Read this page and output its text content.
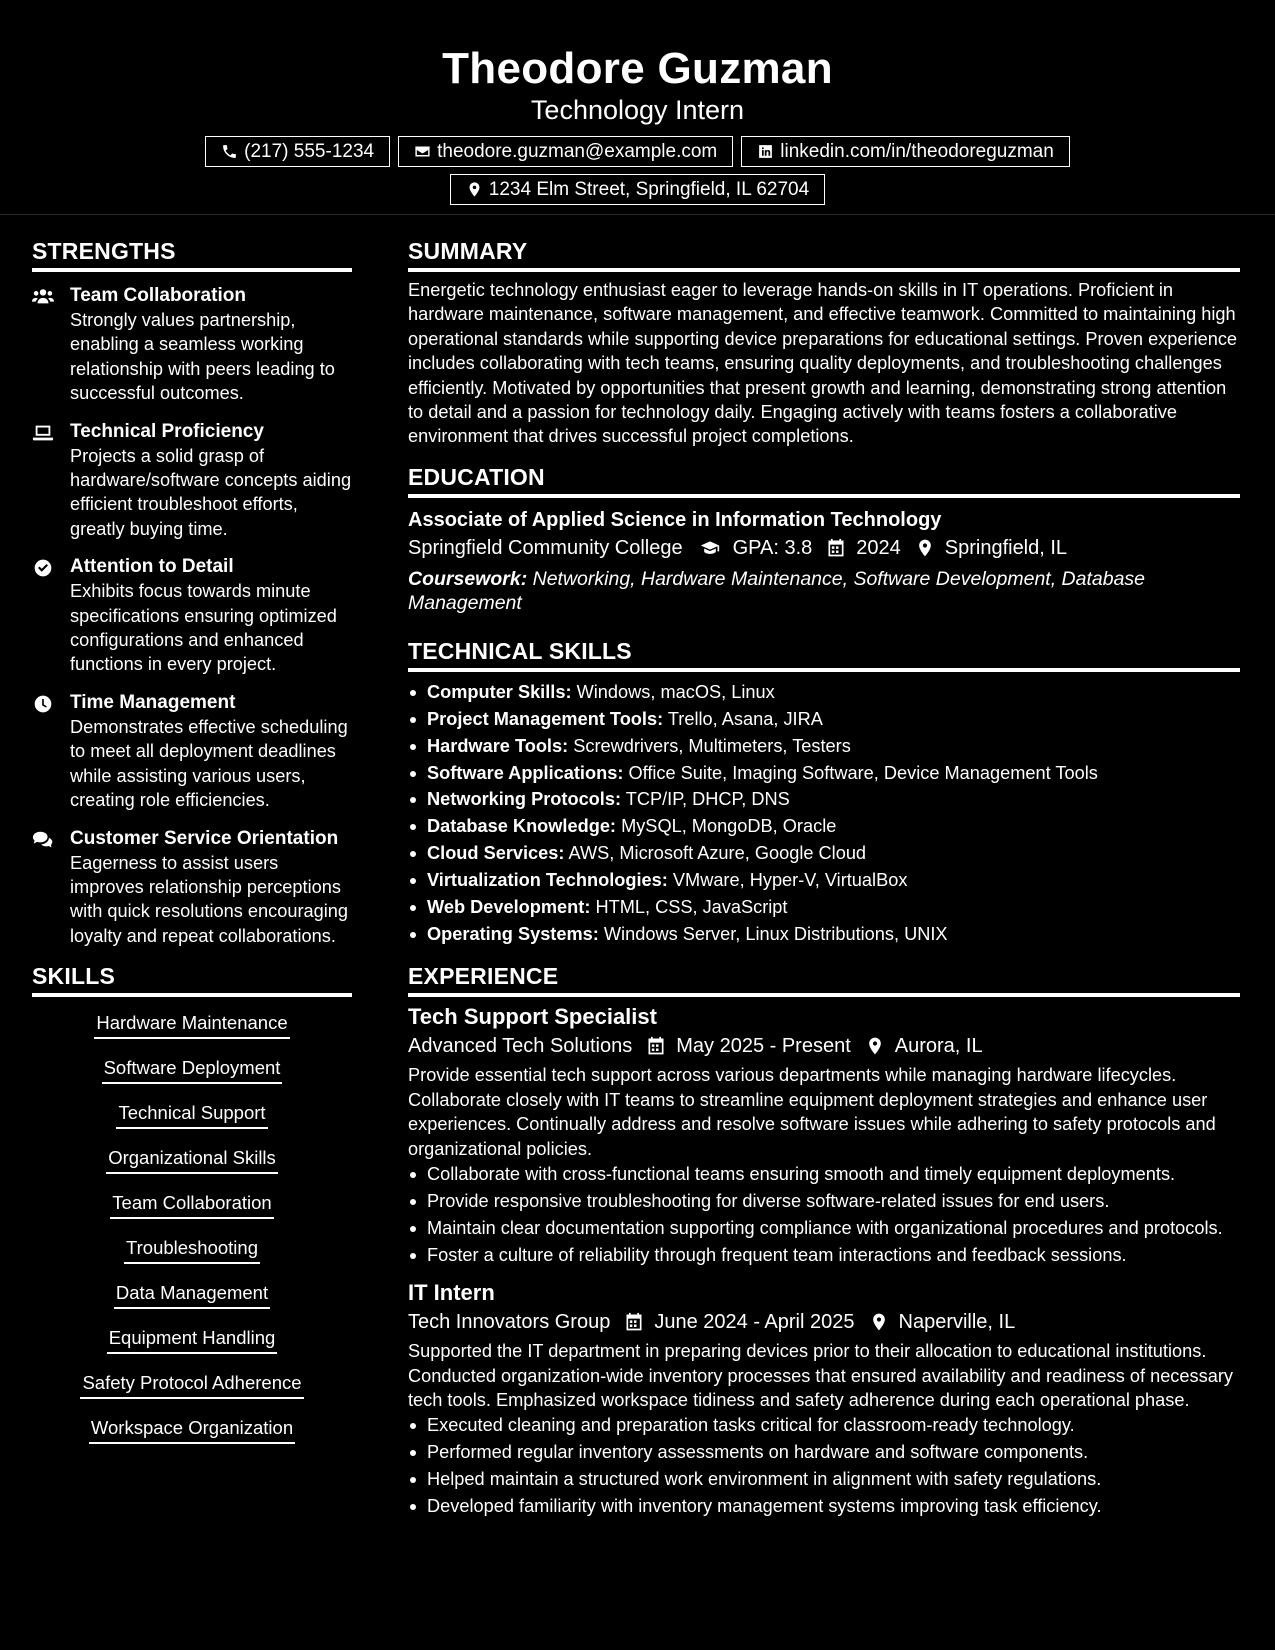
Theodore Guzman
Technology Intern
(217) 555-1234	theodore.guzman@example.com	linkedin.com/in/theodoreguzman
1234 Elm Street, Springfield, IL 62704
STRENGTHS
Team Collaboration

Strongly values partnership, enabling a seamless working relationship with peers leading to successful outcomes.

Technical Proficiency

Projects a solid grasp of hardware/software concepts aiding efficient troubleshoot efforts, greatly buying time.

Attention to Detail

Exhibits focus towards minute specifications ensuring optimized configurations and enhanced functions in every project.

Time Management

Demonstrates effective scheduling to meet all deployment deadlines while assisting various users, creating role efficiencies.

Customer Service Orientation

Eagerness to assist users improves relationship perceptions with quick resolutions encouraging loyalty and repeat collaborations.

SKILLS
Hardware Maintenance
Software Deployment
Technical Support
Organizational Skills
Team Collaboration
Troubleshooting
Data Management
Equipment Handling
Safety Protocol Adherence
Workspace Organization
SUMMARY

Energetic technology enthusiast eager to leverage hands-on skills in IT operations. Proficient in hardware maintenance, software management, and effective teamwork. Committed to maintaining high operational standards while supporting device preparations for educational settings. Proven experience includes collaborating with tech teams, ensuring quality deployments, and troubleshooting challenges efficiently. Motivated by opportunities that present growth and learning, demonstrating strong attention to detail and a passion for technology daily. Engaging actively with teams fosters a collaborative environment that drives successful project completions.

EDUCATION
Associate of Applied Science in Information Technology
Springfield Community College	GPA: 3.8 2024 Springfield, IL

Coursework: Networking, Hardware Maintenance, Software Development, Database Management

TECHNICAL SKILLS
Computer Skills: Windows, macOS, Linux
Project Management Tools: Trello, Asana, JIRA
Hardware Tools: Screwdrivers, Multimeters, Testers
Software Applications: Office Suite, Imaging Software, Device Management Tools
Networking Protocols: TCP/IP, DHCP, DNS
Database Knowledge: MySQL, MongoDB, Oracle
Cloud Services: AWS, Microsoft Azure, Google Cloud
Virtualization Technologies: VMware, Hyper-V, VirtualBox
Web Development: HTML, CSS, JavaScript
Operating Systems: Windows Server, Linux Distributions, UNIX
EXPERIENCE
Tech Support Specialist
Advanced Tech Solutions May 2025 - Present Aurora, IL

Provide essential tech support across various departments while managing hardware lifecycles. Collaborate closely with IT teams to streamline equipment deployment strategies and enhance user experiences. Continually address and resolve software issues while adhering to safety protocols and organizational policies.

Collaborate with cross-functional teams ensuring smooth and timely equipment deployments.
Provide responsive troubleshooting for diverse software-related issues for end users.
Maintain clear documentation supporting compliance with organizational procedures and protocols.
Foster a culture of reliability through frequent team interactions and feedback sessions.
IT Intern
Tech Innovators Group June 2024 - April 2025 Naperville, IL

Supported the IT department in preparing devices prior to their allocation to educational institutions. Conducted organization-wide inventory processes that ensured availability and readiness of necessary tech tools. Emphasized workspace tidiness and safety adherence during each operational phase.

Executed cleaning and preparation tasks critical for classroom-ready technology.
Performed regular inventory assessments on hardware and software components.
Helped maintain a structured work environment in alignment with safety regulations.
Developed familiarity with inventory management systems improving task efficiency.
